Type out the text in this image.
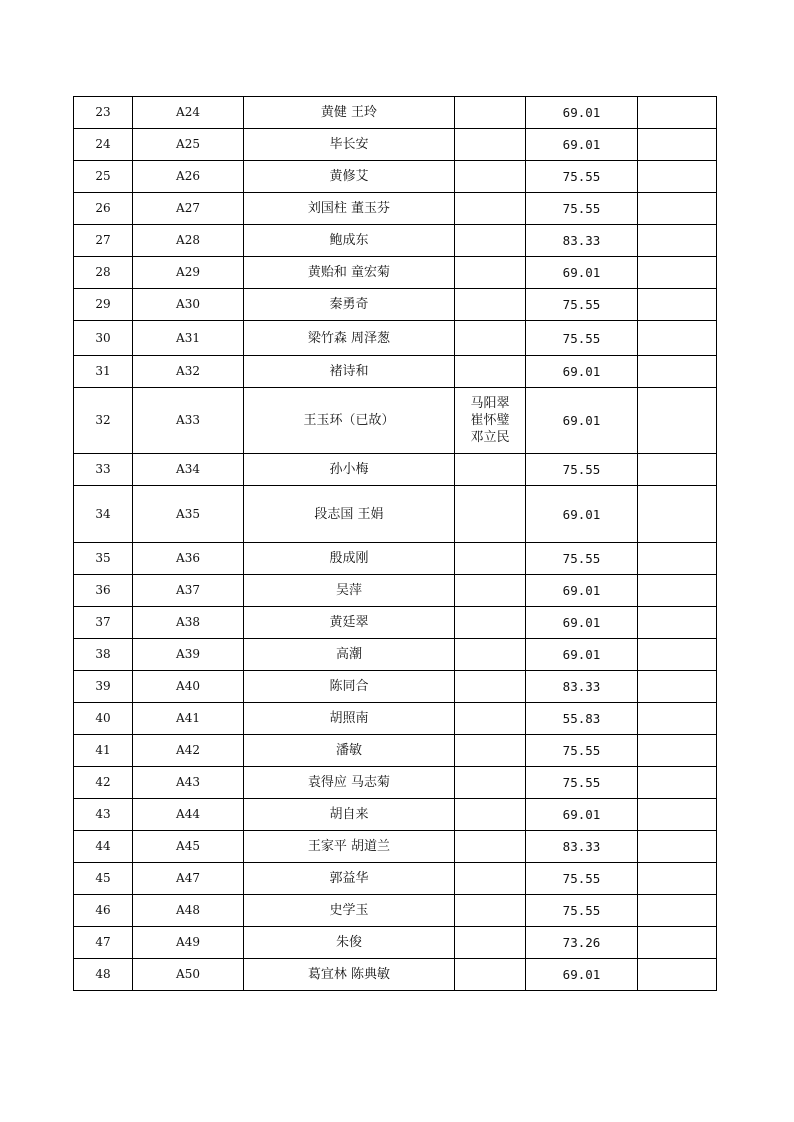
23	A24	黄健 王玲		69.01	
24	A25	毕长安		69.01	
25	A26	黄修艾		75.55	
26	A27	刘国柱 董玉芬		75.55	
27	A28	鲍成东		83.33	
28	A29	黄贻和 童宏菊		69.01	
29	A30	秦勇奇		75.55	
30	A31	梁竹森 周泽葱		75.55	
31	A32	褚诗和		69.01	
32	A33	王玉环（已故）	马阳翠
崔怀璧
邓立民	69.01	
33	A34	孙小梅		75.55	
34	A35	段志国 王娟		69.01	
35	A36	殷成刚		75.55	
36	A37	吴萍		69.01	
37	A38	黄廷翠		69.01	
38	A39	高潮		69.01	
39	A40	陈同合		83.33	
40	A41	胡照南		55.83	
41	A42	潘敏		75.55	
42	A43	袁得应 马志菊		75.55	
43	A44	胡自来		69.01	
44	A45	王家平 胡道兰		83.33	
45	A47	郭益华		75.55	
46	A48	史学玉		75.55	
47	A49	朱俊		73.26	
48	A50	葛宜林 陈典敏		69.01	
